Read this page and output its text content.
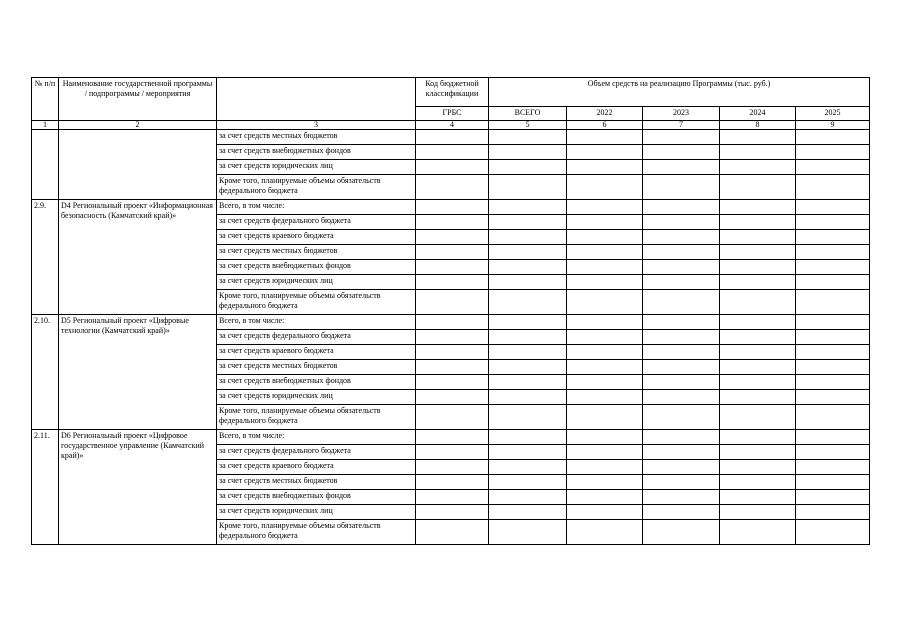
№ п/п	Наименование государственной программы / подпрограммы / мероприятия		Код бюджетной классификации	Объем средств на реализацию Программы (тыс. руб.)				
			ГРБС	ВСЕГО	2022	2023	2024	2025
1	2	3	4	5	6	7	8	9
		за счет средств местных бюджетов						
		за счет средств внебюджетных фондов						
		за счет средств юридических лиц						
		Кроме того, планируемые объемы обязательств федерального бюджета						
2.9.	D4 Региональный проект «Информационная безопасность (Камчатский край)»	Всего, в том числе:						
		за счет средств федерального бюджета						
		за счет средств краевого бюджета						
		за счет средств местных бюджетов						
		за счет средств внебюджетных фондов						
		за счет средств юридических лиц						
		Кроме того, планируемые объемы обязательств федерального бюджета						
2.10.	D5 Региональный проект «Цифровые технологии (Камчатский край)»	Всего, в том числе:						
		за счет средств федерального бюджета						
		за счет средств краевого бюджета						
		за счет средств местных бюджетов						
		за счет средств внебюджетных фондов						
		за счет средств юридических лиц						
		Кроме того, планируемые объемы обязательств федерального бюджета						
2.11.	D6 Региональный проект «Цифровое государственное управление (Камчатский край)»	Всего, в том числе:						
		за счет средств федерального бюджета						
		за счет средств краевого бюджета						
		за счет средств местных бюджетов						
		за счет средств внебюджетных фондов						
		за счет средств юридических лиц						
		Кроме того, планируемые объемы обязательств федерального бюджета						
